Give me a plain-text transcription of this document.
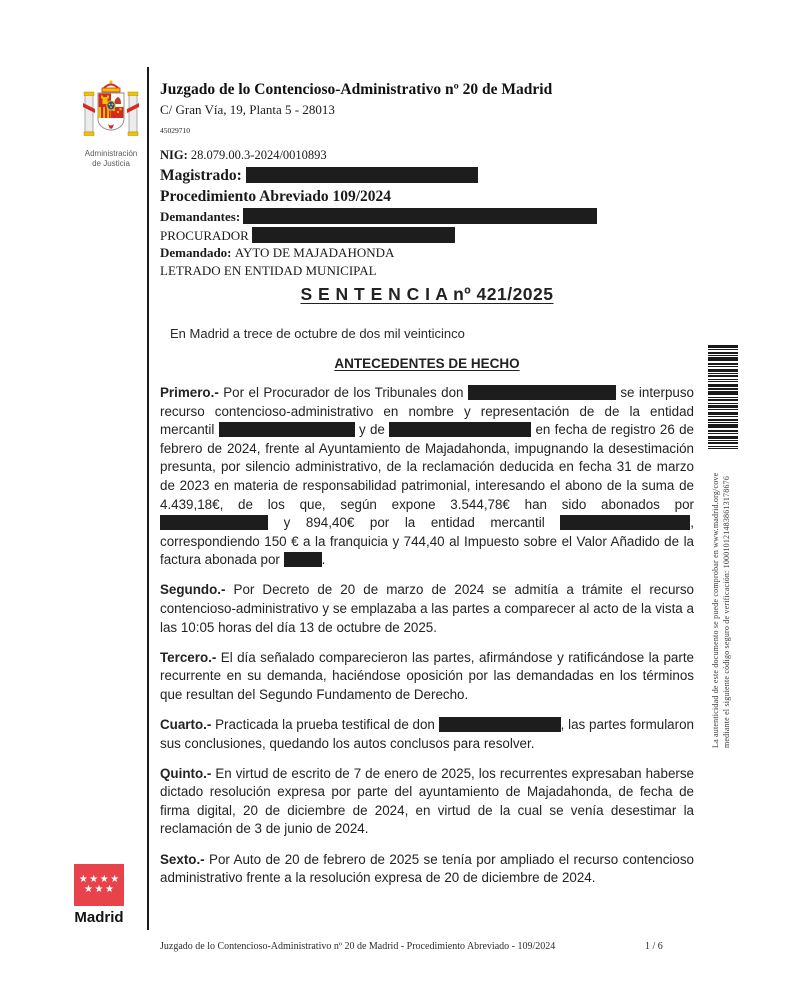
Administración
de Justicia
Juzgado de lo Contencioso-Administrativo nº 20 de Madrid
C/ Gran Vía, 19, Planta 5 - 28013
45029710
NIG: 28.079.00.3-2024/0010893
Magistrado:
Procedimiento Abreviado 109/2024
Demandantes:
PROCURADOR
Demandado: AYTO DE MAJADAHONDA
LETRADO EN ENTIDAD MUNICIPAL
S E N T E N C I A nº 421/2025
En Madrid a trece de octubre de dos mil veinticinco
ANTECEDENTES DE HECHO

Primero.- Por el Procurador de los Tribunales don	se interpuso recurso contencioso-administrativo en nombre y representación de de la entidad mercantil	y de	en fecha de registro 26 de febrero de 2024, frente al Ayuntamiento de Majadahonda, impugnando la desestimación presunta, por silencio administrativo, de la reclamación deducida en fecha 31 de marzo de 2023 en materia de responsabilidad patrimonial, interesando el abono de la suma de 4.439,18€, de los que, según expone 3.544,78€ han sido abonados por  y 894,40€ por la entidad mercantil	, correspondiendo 150 € a la franquicia y 744,40 al Impuesto sobre el Valor Añadido de la factura abonada por	.

Segundo.- Por Decreto de 20 de marzo de 2024 se admitía a trámite el recurso contencioso-administrativo y se emplazaba a las partes a comparecer al acto de la vista a las 10:05 horas del día 13 de octubre de 2025.

Tercero.- El día señalado comparecieron las partes, afirmándose y ratificándose la parte recurrente en su demanda, haciéndose oposición por las demandadas en los términos que resultan del Segundo Fundamento de Derecho.

Cuarto.- Practicada la prueba testifical de don	, las partes formularon sus conclusiones, quedando los autos conclusos para resolver.

Quinto.- En virtud de escrito de 7 de enero de 2025, los recurrentes expresaban haberse dictado resolución expresa por parte del ayuntamiento de Majadahonda, de fecha de firma digital, 20 de diciembre de 2024, en virtud de la cual se venía desestimar la reclamación de 3 de junio de 2024.

Sexto.- Por Auto de 20 de febrero de 2025 se tenía por ampliado el recurso contencioso administrativo frente a la resolución expresa de 20 de diciembre de 2024.

La autenticidad de este documento se puede comprobar en www.madrid.org/cove mediante el siguiente código seguro de verificación: 1000101214838613178676
★★★★
★★★
Madrid
Juzgado de lo Contencioso-Administrativo nº 20 de Madrid - Procedimiento Abreviado - 109/2024	1 / 6
